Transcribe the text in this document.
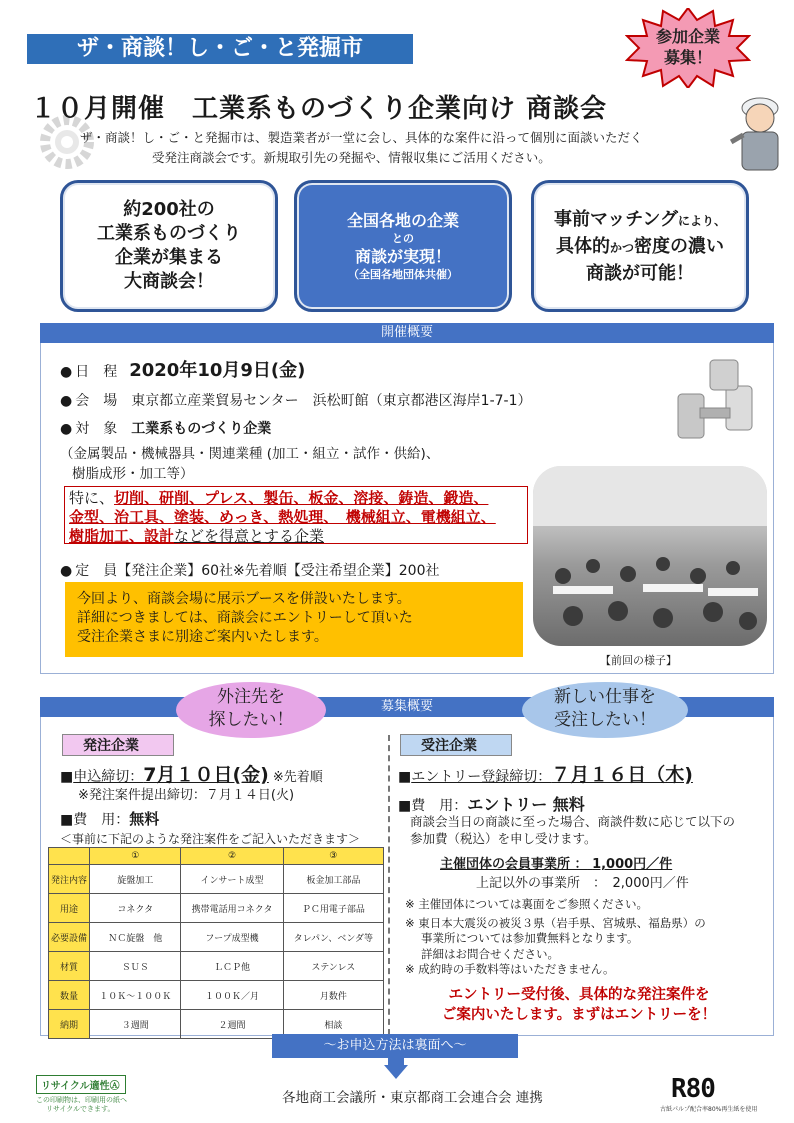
ザ・商談！し・ご・と発掘市
１０月開催　工業系ものづくり企業向け 商談会
ザ・商談！し・ご・と発掘市は、製造業者が一堂に会し、具体的な案件に沿って個別に面談いただく
受発注商談会です。新規取引先の発掘や、情報収集にご活用ください。
参加企業
募集！
約200社の
工業系ものづくり
企業が集まる
大商談会！
全国各地の企業
との
商談が実現！
（全国各地団体共催）
事前マッチングにより、
具体的かつ密度の濃い
商談が可能！
開催概要
● 日　程 2020年10月9日(金)
● 会　場　 東京都立産業貿易センター　浜松町館（東京都港区海岸1-7-1）
● 対　象　 工業系ものづくり企業
（金属製品・機械器具・関連業種 (加工・組立・試作・供給)、
樹脂成形・加工等）
特に、切削、研削、プレス、製缶、板金、溶接、鋳造、鍛造、
金型、治工具、塗装、めっき、熱処理、　機械組立、電機組立、
樹脂加工、設計などを得意とする企業
● 定　員【発注企業】60社※先着順【受注希望企業】200社
今回より、商談会場に展示ブースを併設いたします。
詳細につきましては、商談会にエントリーして頂いた
受注企業さまに別途ご案内いたします。
【前回の様子】
募集概要
外注先を
探したい！
新しい仕事を
受注したい！
発注企業
■申込締切：7月１０日(金) ※先着順
※発注案件提出締切：７月１４日(火)
■費　用：無料
＜事前に下記のような発注案件をご記入いただきます＞
	①	②	③
発注内容	旋盤加工	インサート成型	板金加工部品
用途	コネクタ	携帯電話用コネクタ	ＰＣ用電子部品
必要設備	ＮＣ旋盤　他	フープ成型機	タレパン、ベンダ等
材質	ＳＵＳ	ＬＣＰ他	ステンレス
数量	１０Ｋ～１００Ｋ	１００Ｋ／月	月数件
納期	３週間	２週間	相談
受注企業
■エントリー登録締切：７月１６日（木)
■費　用：エントリー 無料
商談会当日の商談に至った場合、商談件数に応じて以下の
参加費（税込）を申し受けます。
主催団体の会員事業所 ： 1,000円／件
上記以外の事業所　：　 2,000円／件
※ 主催団体については裏面をご参照ください。
※ 東日本大震災の被災３県（岩手県、宮城県、福島県）の
事業所については参加費無料となります。
詳細はお問合せください。
※ 成約時の手数料等はいただきません。
エントリー受付後、具体的な発注案件を
ご案内いたします。まずはエントリーを！
～お申込方法は裏面へ～
各地商工会議所・東京都商工会連合会 連携
リサイクル適性Ⓐ
この印刷物は、印刷用の紙へ
リサイクルできます。
R80
古紙パルプ配合率80%再生紙を使用
